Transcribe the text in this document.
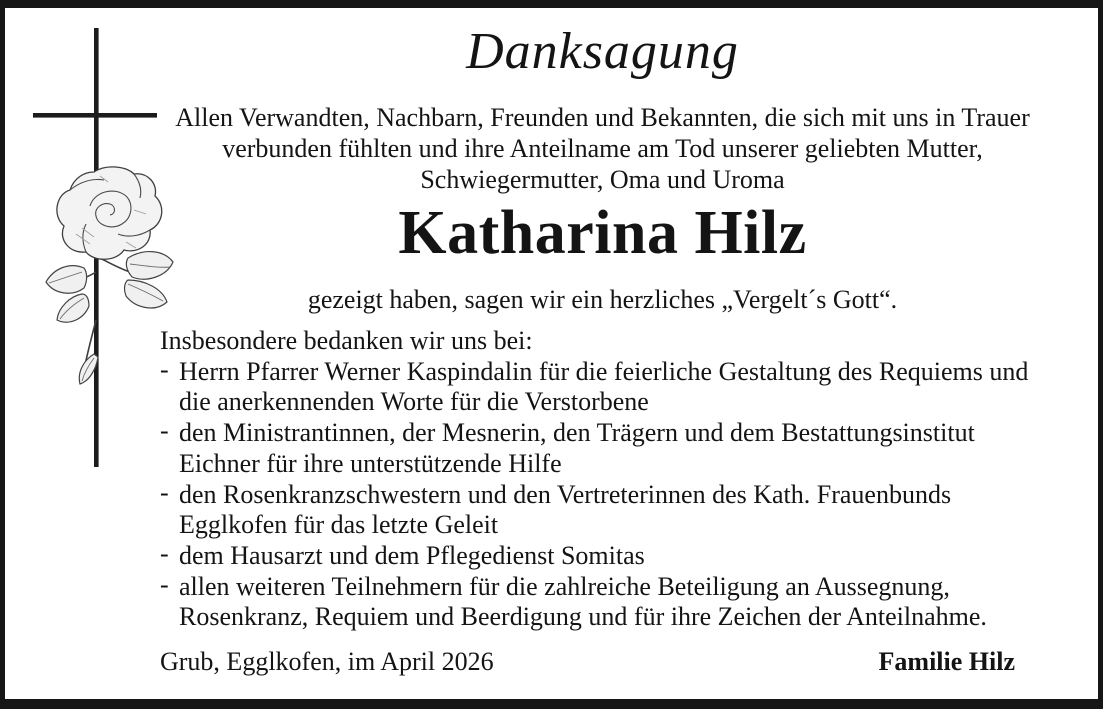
Danksagung
Allen Verwandten, Nachbarn, Freunden und Bekannten, die sich mit uns in Trauer verbunden fühlten und ihre Anteilname am Tod unserer geliebten Mutter, Schwiegermutter, Oma und Uroma
Katharina Hilz
gezeigt haben, sagen wir ein herzliches „Vergelt´s Gott“.
Insbesondere bedanken wir uns bei:
- Herrn Pfarrer Werner Kaspindalin für die feierliche Gestaltung des Requiems und die anerkennenden Worte für die Verstorbene
- den Ministrantinnen, der Mesnerin, den Trägern und dem Bestattungsinstitut Eichner für ihre unterstützende Hilfe
- den Rosenkranzschwestern und den Vertreterinnen des Kath. Frauenbunds Egglkofen für das letzte Geleit
- dem Hausarzt und dem Pflegedienst Somitas
- allen weiteren Teilnehmern für die zahlreiche Beteiligung an Aussegnung, Rosenkranz, Requiem und Beerdigung und für ihre Zeichen der Anteilnahme.
Grub, Egglkofen, im April 2026	Familie Hilz
